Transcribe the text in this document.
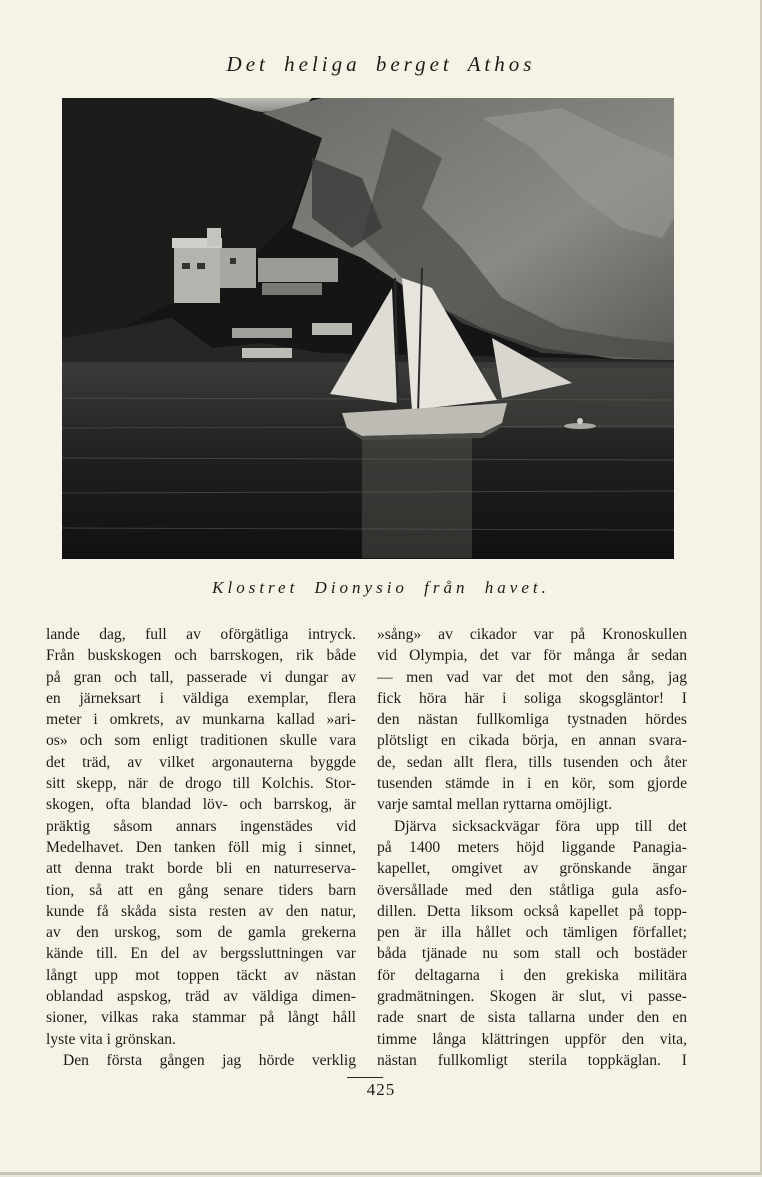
Det heliga berget Athos
Klostret Dionysio från havet.
lande dag, full av oförgätliga intryck.
Från buskskogen och barrskogen, rik både
på gran och tall, passerade vi dungar av
en järneksart i väldiga exemplar, flera
meter i omkrets, av munkarna kallad »ari-
os» och som enligt traditionen skulle vara
det träd, av vilket argonauterna byggde
sitt skepp, när de drogo till Kolchis. Stor-
skogen, ofta blandad löv- och barrskog, är
präktig såsom annars ingenstädes vid
Medelhavet. Den tanken föll mig i sinnet,
att denna trakt borde bli en naturreserva-
tion, så att en gång senare tiders barn
kunde få skåda sista resten av den natur,
av den urskog, som de gamla grekerna
kände till. En del av bergssluttningen var
långt upp mot toppen täckt av nästan
oblandad aspskog, träd av väldiga dimen-
sioner, vilkas raka stammar på långt håll
lyste vita i grönskan.
Den första gången jag hörde verklig
»sång» av cikador var på Kronoskullen
vid Olympia, det var för många år sedan
— men vad var det mot den sång, jag
fick höra här i soliga skogsgläntor! I
den nästan fullkomliga tystnaden hördes
plötsligt en cikada börja, en annan svara-
de, sedan allt flera, tills tusenden och åter
tusenden stämde in i en kör, som gjorde
varje samtal mellan ryttarna omöjligt.
Djärva sicksackvägar föra upp till det
på 1400 meters höjd liggande Panagia-
kapellet, omgivet av grönskande ängar
översållade med den ståtliga gula asfo-
dillen. Detta liksom också kapellet på topp-
pen är illa hållet och tämligen förfallet;
båda tjänade nu som stall och bostäder
för deltagarna i den grekiska militära
gradmätningen. Skogen är slut, vi passe-
rade snart de sista tallarna under den en
timme långa klättringen uppför den vita,
nästan fullkomligt sterila toppkäglan. I
425
